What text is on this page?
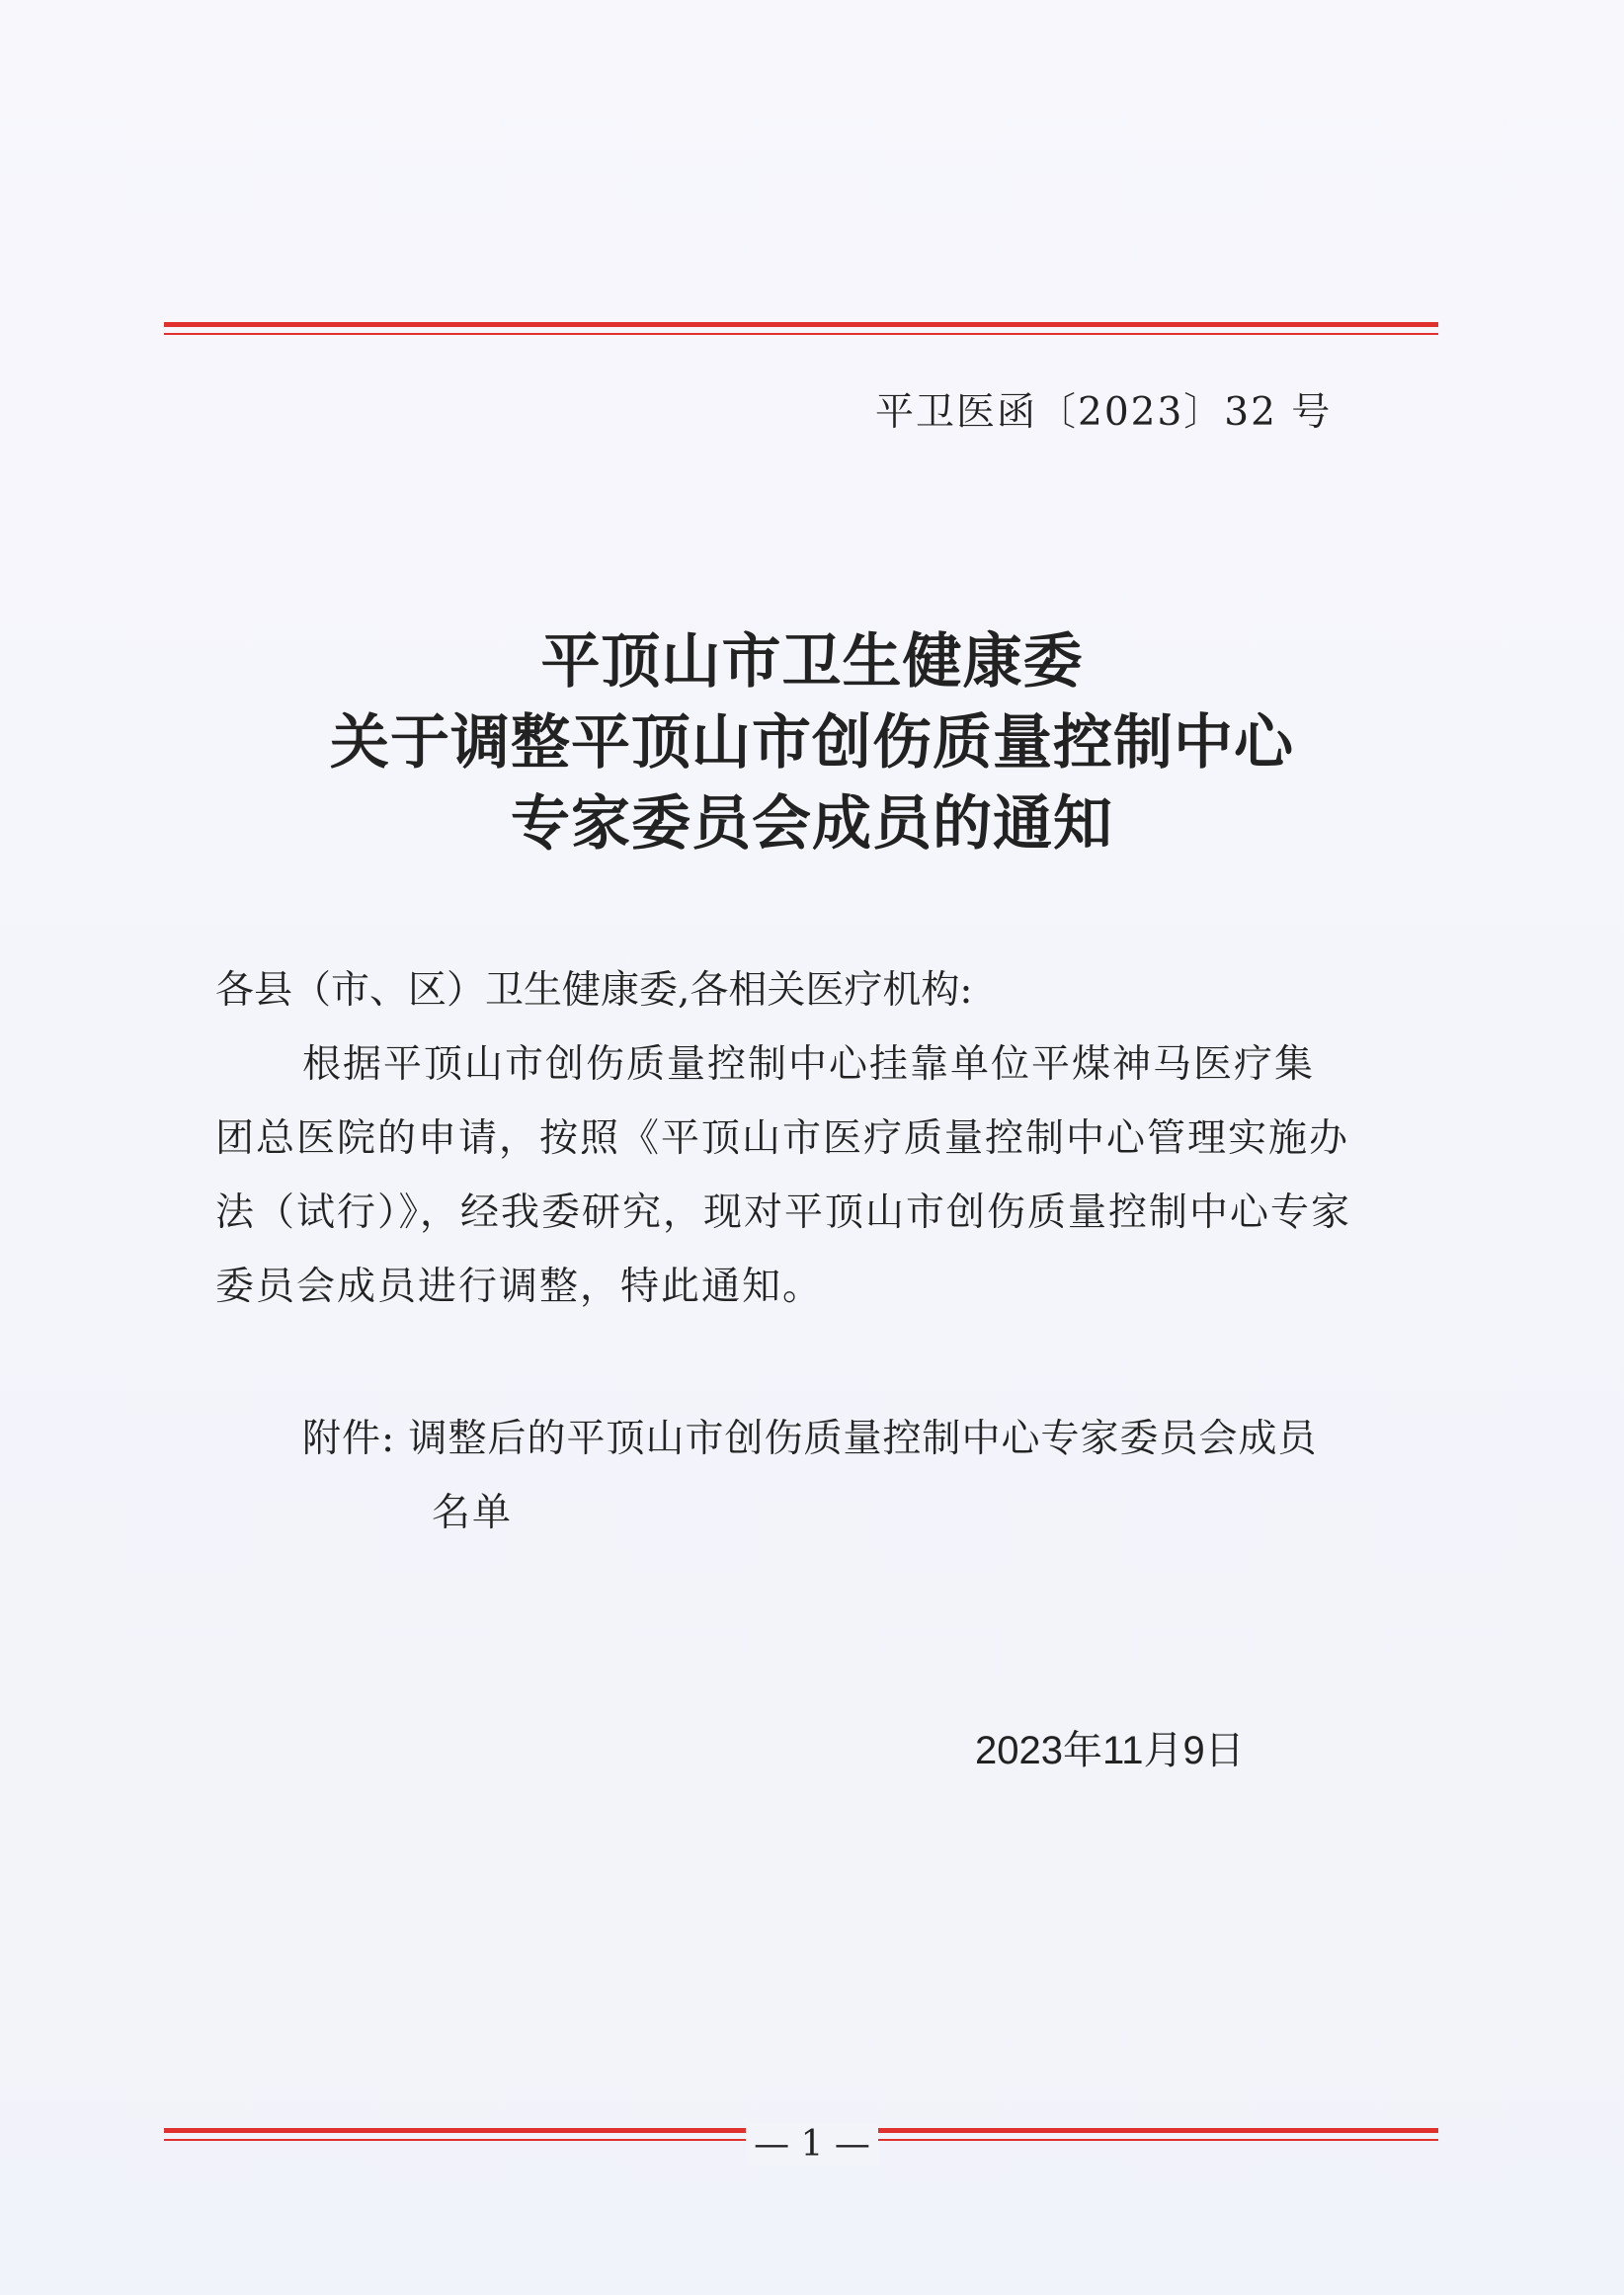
平卫医函〔2023〕32 号
平顶山市卫生健康委
关于调整平顶山市创伤质量控制中心
专家委员会成员的通知
各县（市、区）卫生健康委,各相关医疗机构:
根据平顶山市创伤质量控制中心挂靠单位平煤神马医疗集
团总医院的申请，按照《平顶山市医疗质量控制中心管理实施办
法（试行）》，经我委研究，现对平顶山市创伤质量控制中心专家
委员会成员进行调整，特此通知。
附件: 调整后的平顶山市创伤质量控制中心专家委员会成员
名单
2023年11月9日
— 1 —
